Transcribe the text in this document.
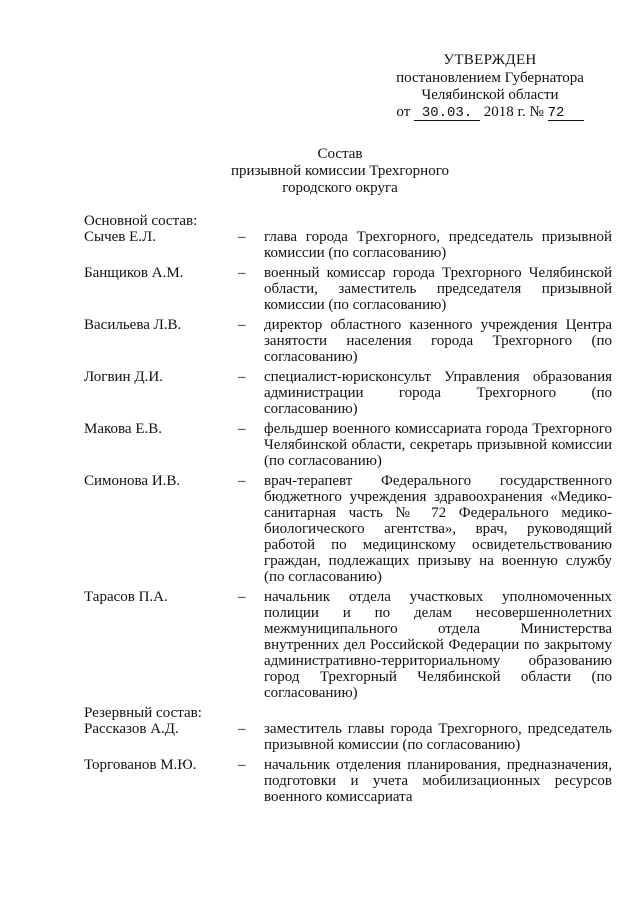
УТВЕРЖДЕН
постановлением Губернатора
Челябинской области
от 30.03. 2018 г. № 72
Состав
призывной комиссии Трехгорного
городского округа
Основной состав:
Сычев Е.Л.	–	глава города Трехгорного, председатель призывной комиссии (по согласованию)
Банщиков А.М.	–	военный комиссар города Трехгорного Челябинской области, заместитель председателя призывной комиссии (по согласованию)
Васильева Л.В.	–	директор областного казенного учреждения Центра занятости населения города Трехгорного (по согласованию)
Логвин Д.И.	–	специалист-юрисконсульт Управления образования администрации города Трехгорного (по согласованию)
Макова Е.В.	–	фельдшер военного комиссариата города Трехгорного Челябинской области, секретарь призывной комиссии (по согласованию)
Симонова И.В.	–	врач-терапевт Федерального государственного бюджетного учреждения здравоохранения «Медико-санитарная часть № 72 Федерального медико-биологического агентства», врач, руководящий работой по медицинскому освидетельствованию граждан, подлежащих призыву на военную службу (по согласованию)
Тарасов П.А.	–	начальник отдела участковых уполномоченных полиции и по делам несовершеннолетних межмуниципального отдела Министерства внутренних дел Российской Федерации по закрытому административно-территориальному образованию город Трехгорный Челябинской области (по согласованию)
Резервный состав:
Рассказов А.Д.	–	заместитель главы города Трехгорного, председатель призывной комиссии (по согласованию)
Торгованов М.Ю.	–	начальник отделения планирования, предназначения, подготовки и учета мобилизационных ресурсов военного комиссариата
